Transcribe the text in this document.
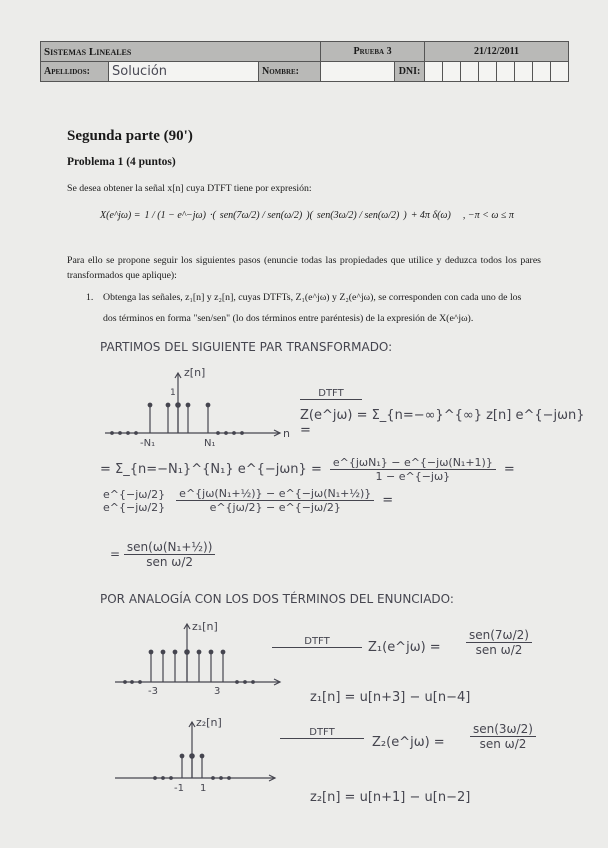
Sistemas Lineales			Prueba 3		21/12/2011							
Apellidos:	Solución	Nombre:		DNI:								
Segunda parte (90')
Problema 1 (4 puntos)
Se desea obtener la señal x[n] cuya DTFT tiene por expresión:
X(e^jω) = 1 / (1 − e^−jω) ·( sen(7ω/2) / sen(ω/2) )( sen(3ω/2) / sen(ω/2) ) + 4π δ(ω) , −π < ω ≤ π
Para ello se propone seguir los siguientes pasos (enuncie todas las propiedades que utilice y deduzca todos los pares transformados que aplique):
1. Obtenga las señales, z₁[n] y z₂[n], cuyas DTFTs, Z₁(e^jω) y Z₂(e^jω), se corresponden con cada uno de los
dos términos en forma "sen/sen" (lo dos términos entre paréntesis) de la expresión de X(e^jω).
PARTIMOS DEL SIGUIENTE PAR TRANSFORMADO:
z[n]
1
n
-N₁	N₁
DTFT
Z(e^jω) = Σ_{n=−∞}^{∞} z[n] e^{−jωn} =
= Σ_{n=−N₁}^{N₁} e^{−jωn} = $\frac{\text{e\textasciicircum{}\{jωN₁\} − e\textasciicircum{}\{−jω(N₁+1)\}}}{1 - e\^{}\{-j\omega\}}$ =
e^{−jω/2}
e^{−jω/2} $\frac{\text{e\textasciicircum{}\{jω(N₁+½)\} − e\textasciicircum{}\{−jω(N₁+½)\}}}{e\^{}\{j\omega/2\} - e\^{}\{-j\omega/2\}}$ =
= $\frac{\text{sen(ω(N₁+½))}}{\text{sen ω/2}}$
POR ANALOGÍA CON LOS DOS TÉRMINOS DEL ENUNCIADO:
z₁[n]
-3	3
DTFT	Z₁(e^jω) = $\frac{\text{sen(7ω/2)}}{\text{sen ω/2}}$
z₁[n] = u[n+3] − u[n−4]
z₂[n]
-1 1
DTFT
Z₂(e^jω) = $\frac{\text{sen(3ω/2)}}{\text{sen ω/2}}$
z₂[n] = u[n+1] − u[n−2]
